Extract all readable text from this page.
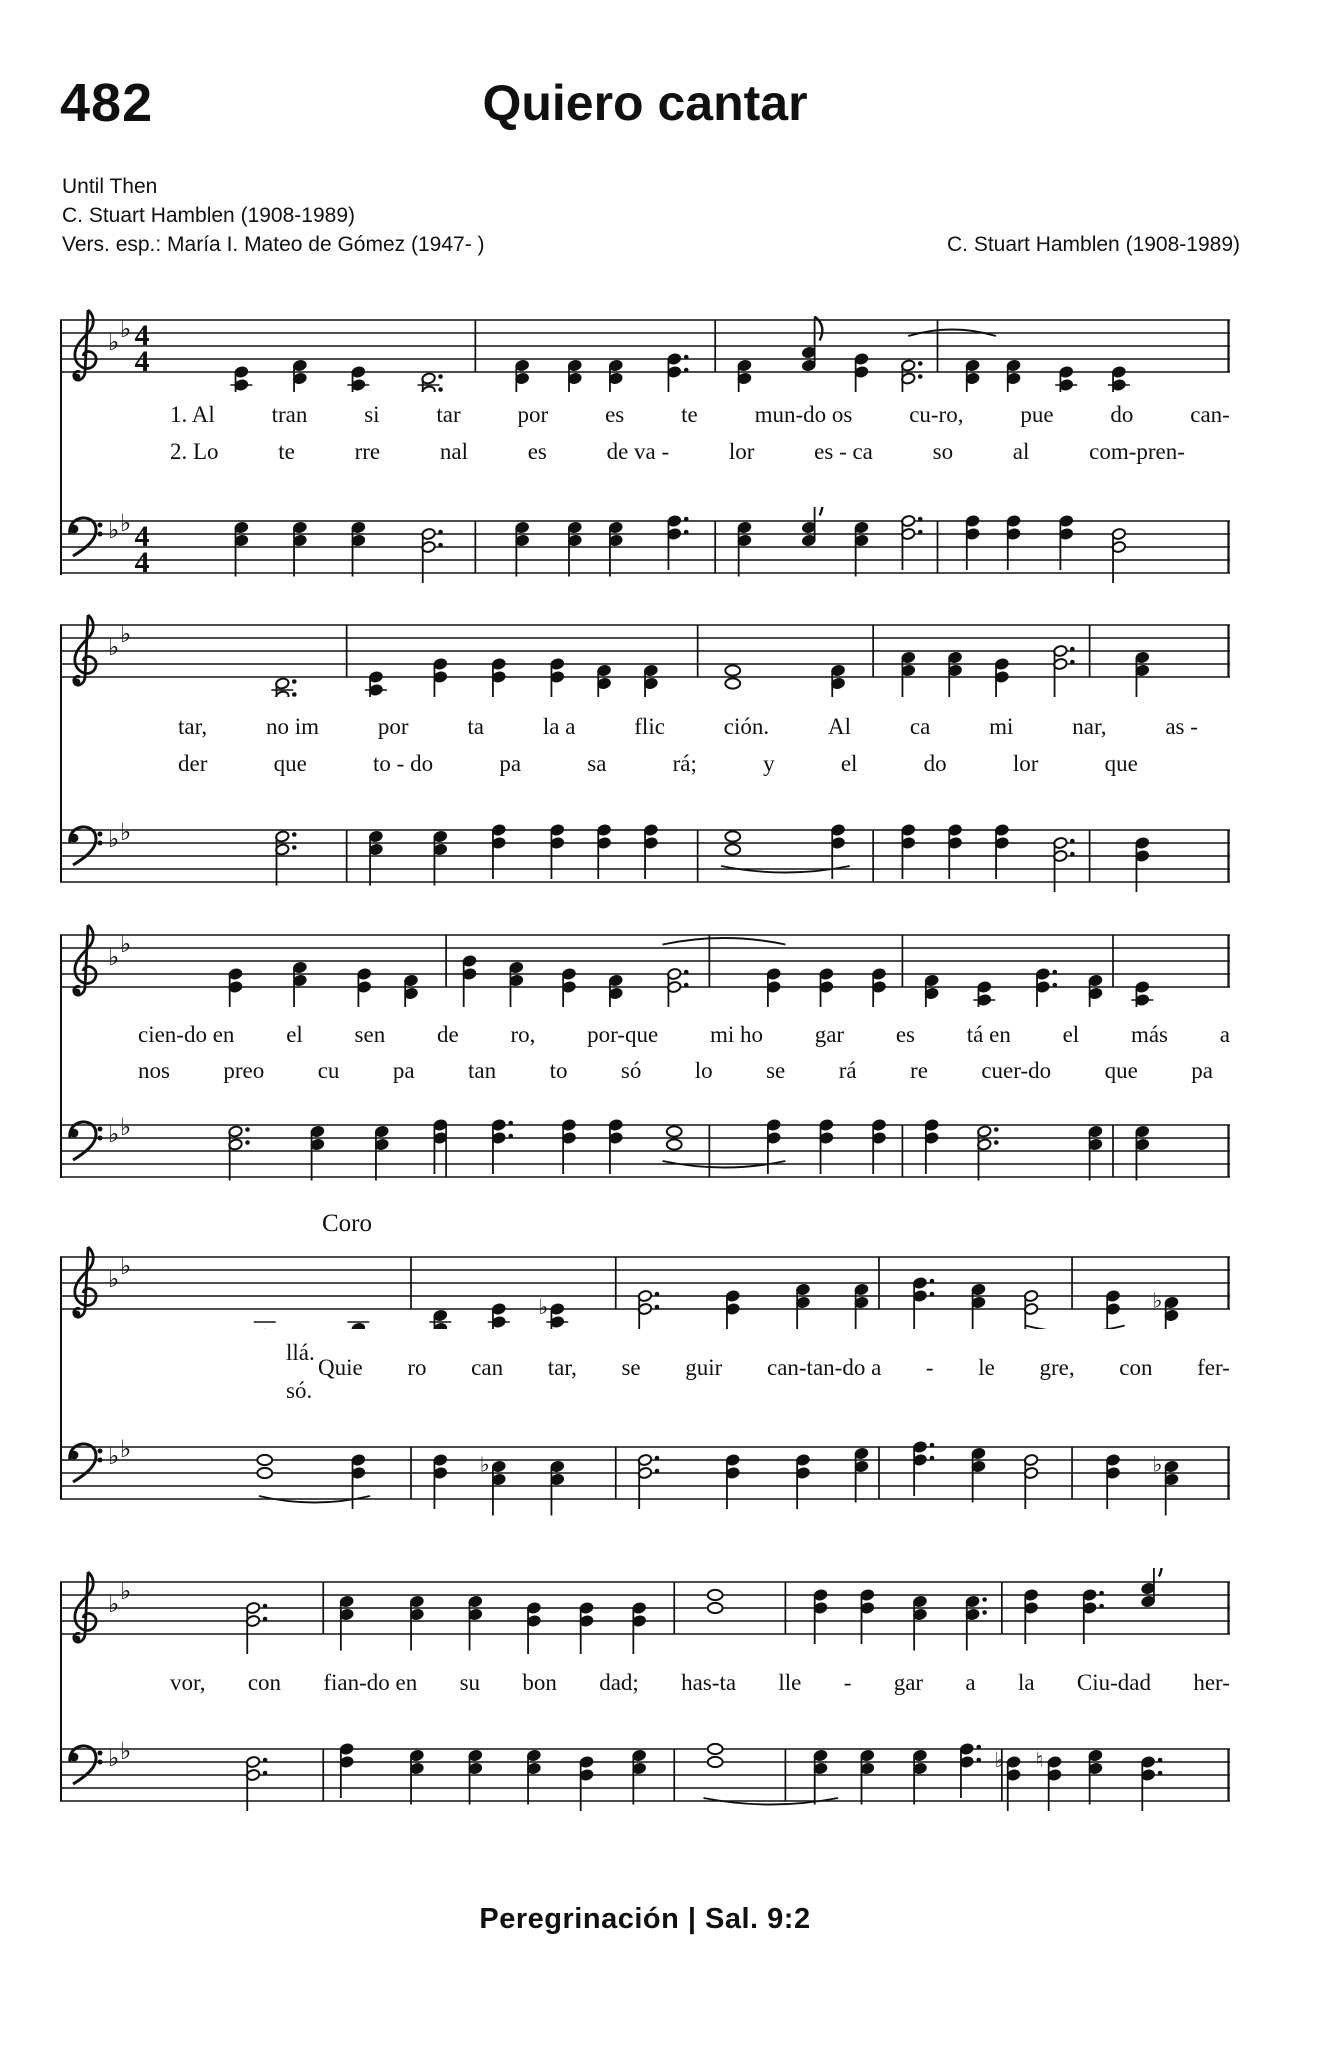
482	Quiero cantar
Until Then
C. Stuart Hamblen (1908-1989)
Vers. esp.: María I. Mateo de Gómez (1947- )	C. Stuart Hamblen (1908-1989)
♭ ♭ 4
4
♭ ♭ 4
4
♭ ♭
♭ ♭
♭ ♭
♭ ♭
♭ ♭
♭	♭
♭ ♭
♭	♭
♭ ♭
♭ ♭	♭ ♮
1. Al tran si tar por es te mun-do os cu-ro, pue do can-
2. Lo	te	rre	nal	es	de va -	lor	es - ca	so	al	com-pren-
tar,	no im	por	ta	la a	flic	ción.	Al	ca	mi	nar,	as -
der	que	to - do	pa	sa	rá;	y	el	do	lor	que
cien-do en el sen de ro, por-que mi ho gar es tá en el más a
nos preo cu pa tan to só lo se rá re cuer-do que pa
Coro
llá.
só.
Quie ro can tar, se guir can-tan-do a - le gre, con fer-
vor, con fian-do en su bon dad; has-ta lle - gar a la Ciu-dad her-
Peregrinación | Sal. 9:2
